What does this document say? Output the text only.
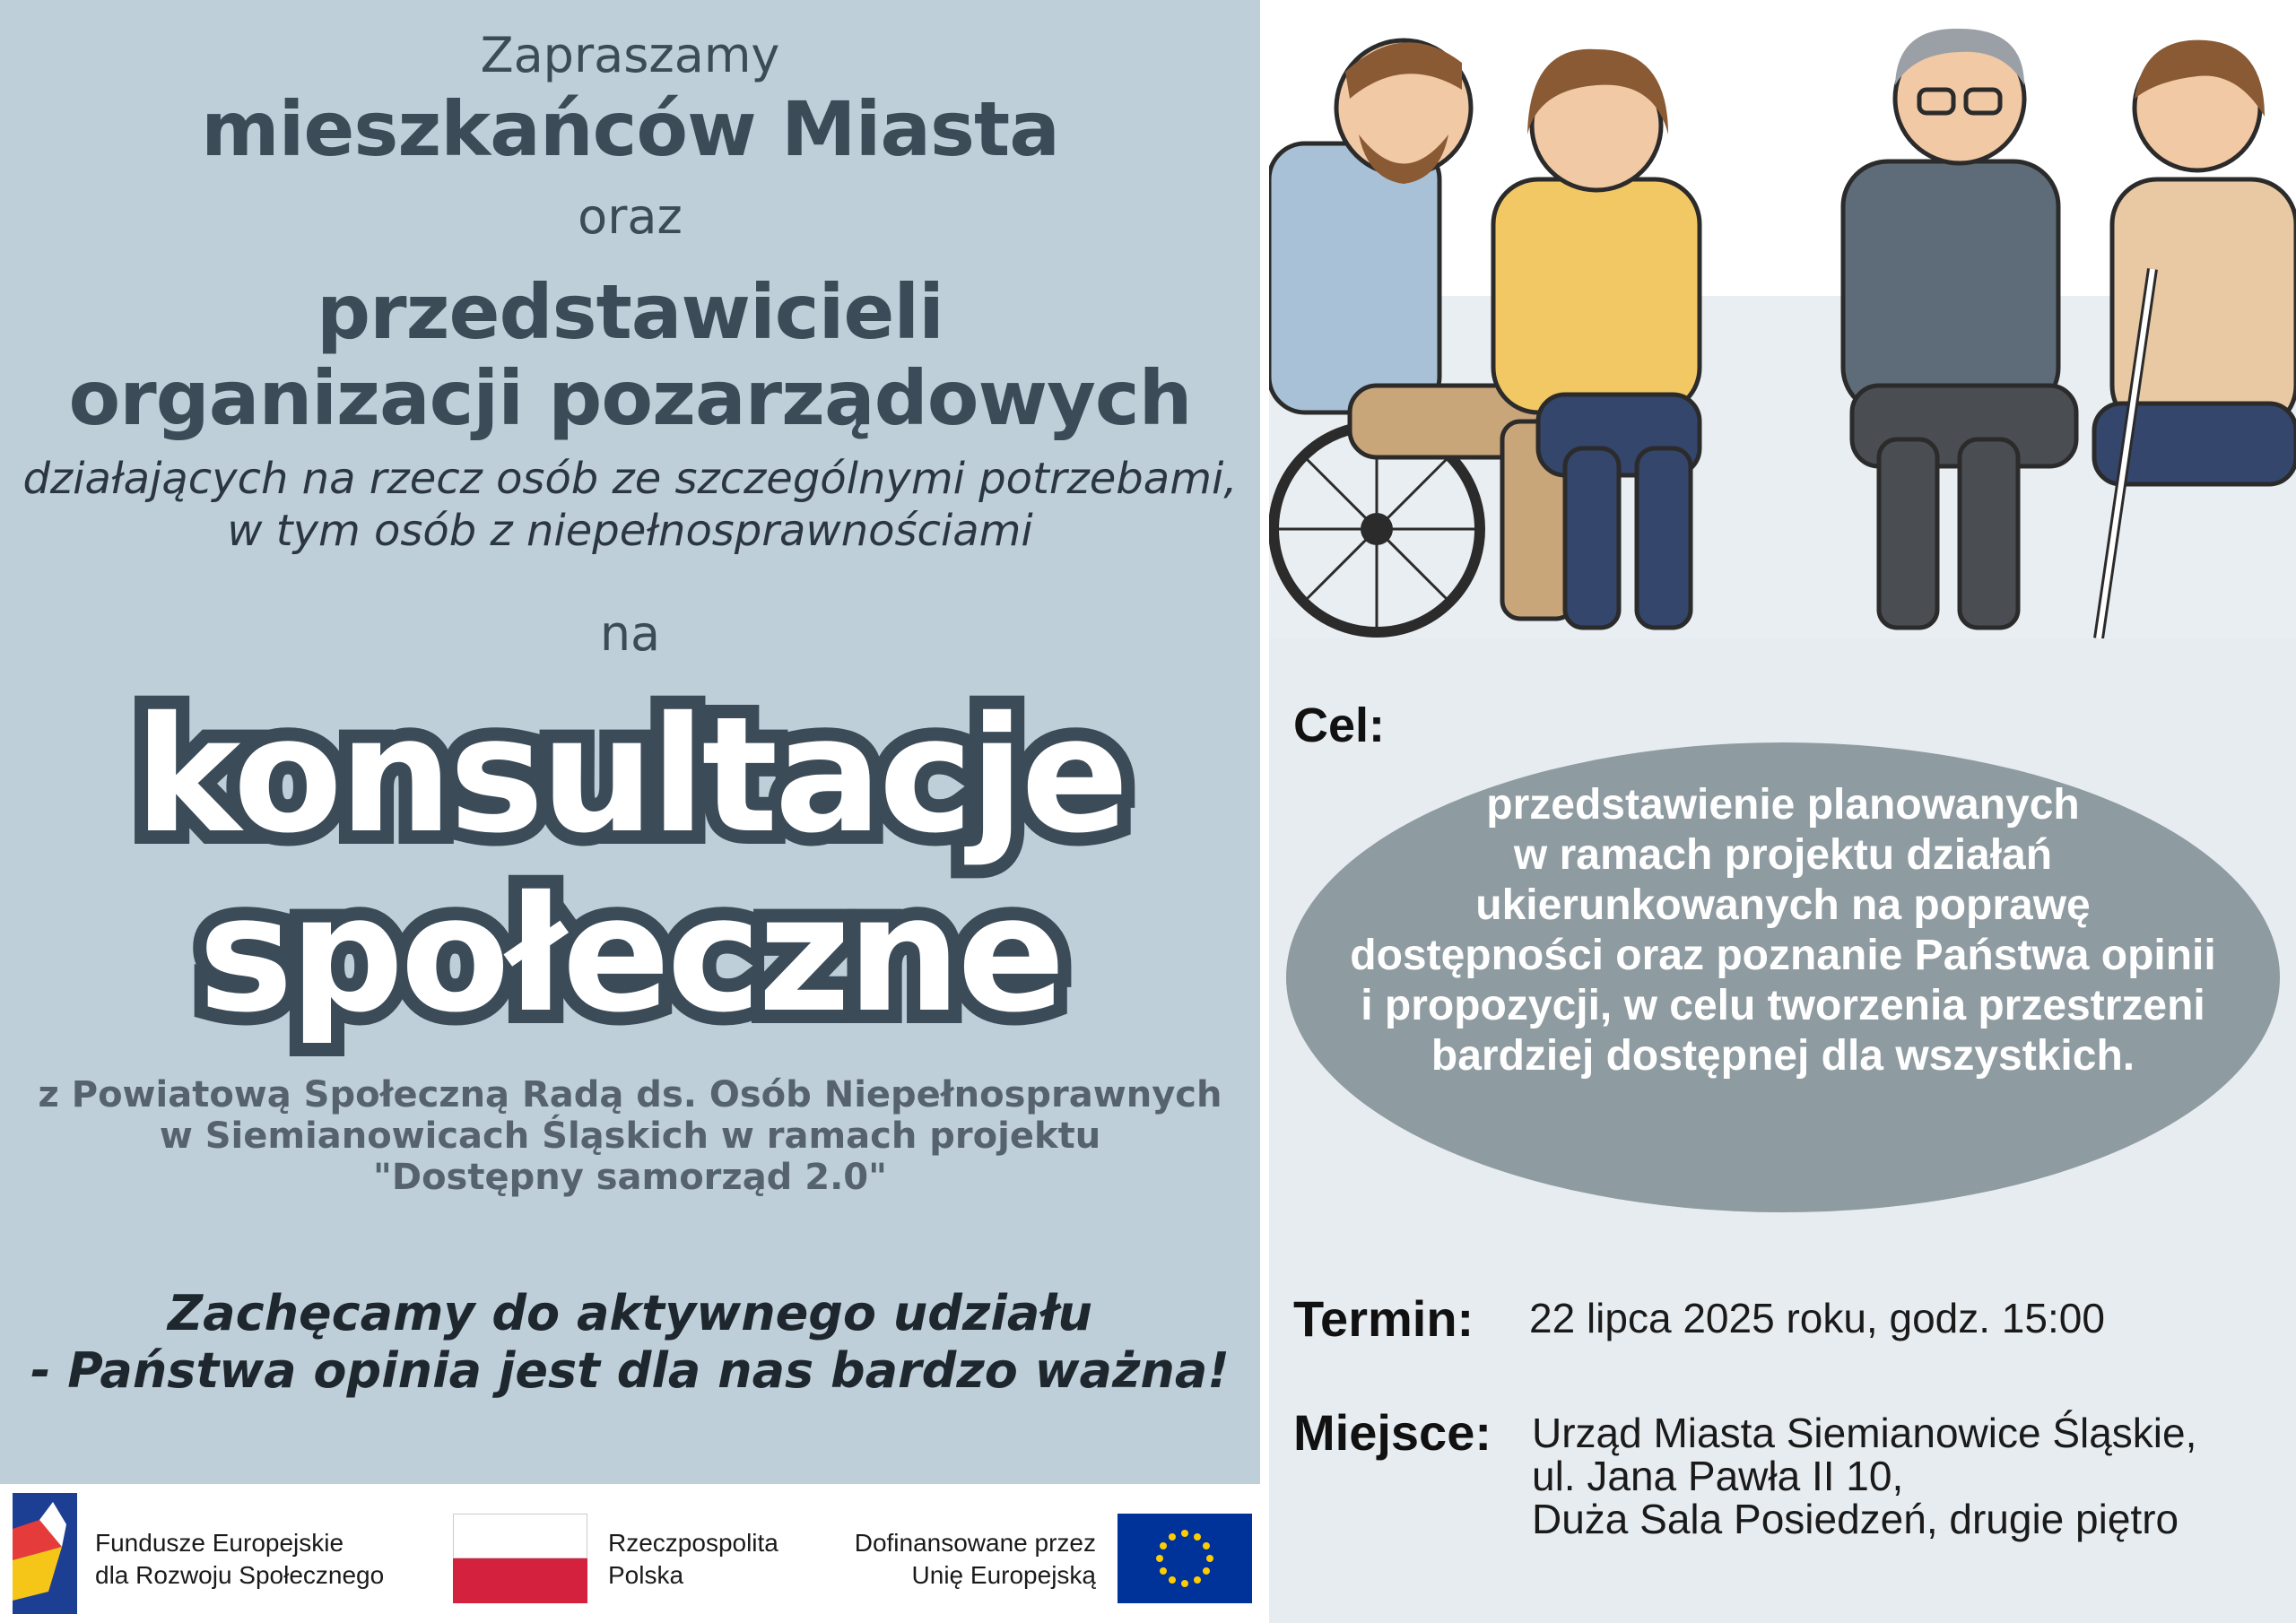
Zapraszamy
mieszkańców Miasta
oraz
przedstawicieli
organizacji pozarządowych
działających na rzecz osób ze szczególnymi potrzebami,
w tym osób z niepełnosprawnościami
na
konsultacje
społeczne
z Powiatową Społeczną Radą ds. Osób Niepełnosprawnych
w Siemianowicach Śląskich w ramach projektu
"Dostępny samorząd 2.0"
Zachęcamy do aktywnego udziału
- Państwa opinia jest dla nas bardzo ważna!
Fundusze Europejskie
dla Rozwoju Społecznego
Rzeczpospolita
Polska
Dofinansowane przez
Unię Europejską
Cel:
przedstawienie planowanych
w ramach projektu działań
ukierunkowanych na poprawę
dostępności oraz poznanie Państwa opinii
i propozycji, w celu tworzenia przestrzeni
bardziej dostępnej dla wszystkich.
Termin: 22 lipca 2025 roku, godz. 15:00
Miejsce: Urząd Miasta Siemianowice Śląskie,
ul. Jana Pawła II 10,
Duża Sala Posiedzeń, drugie piętro
